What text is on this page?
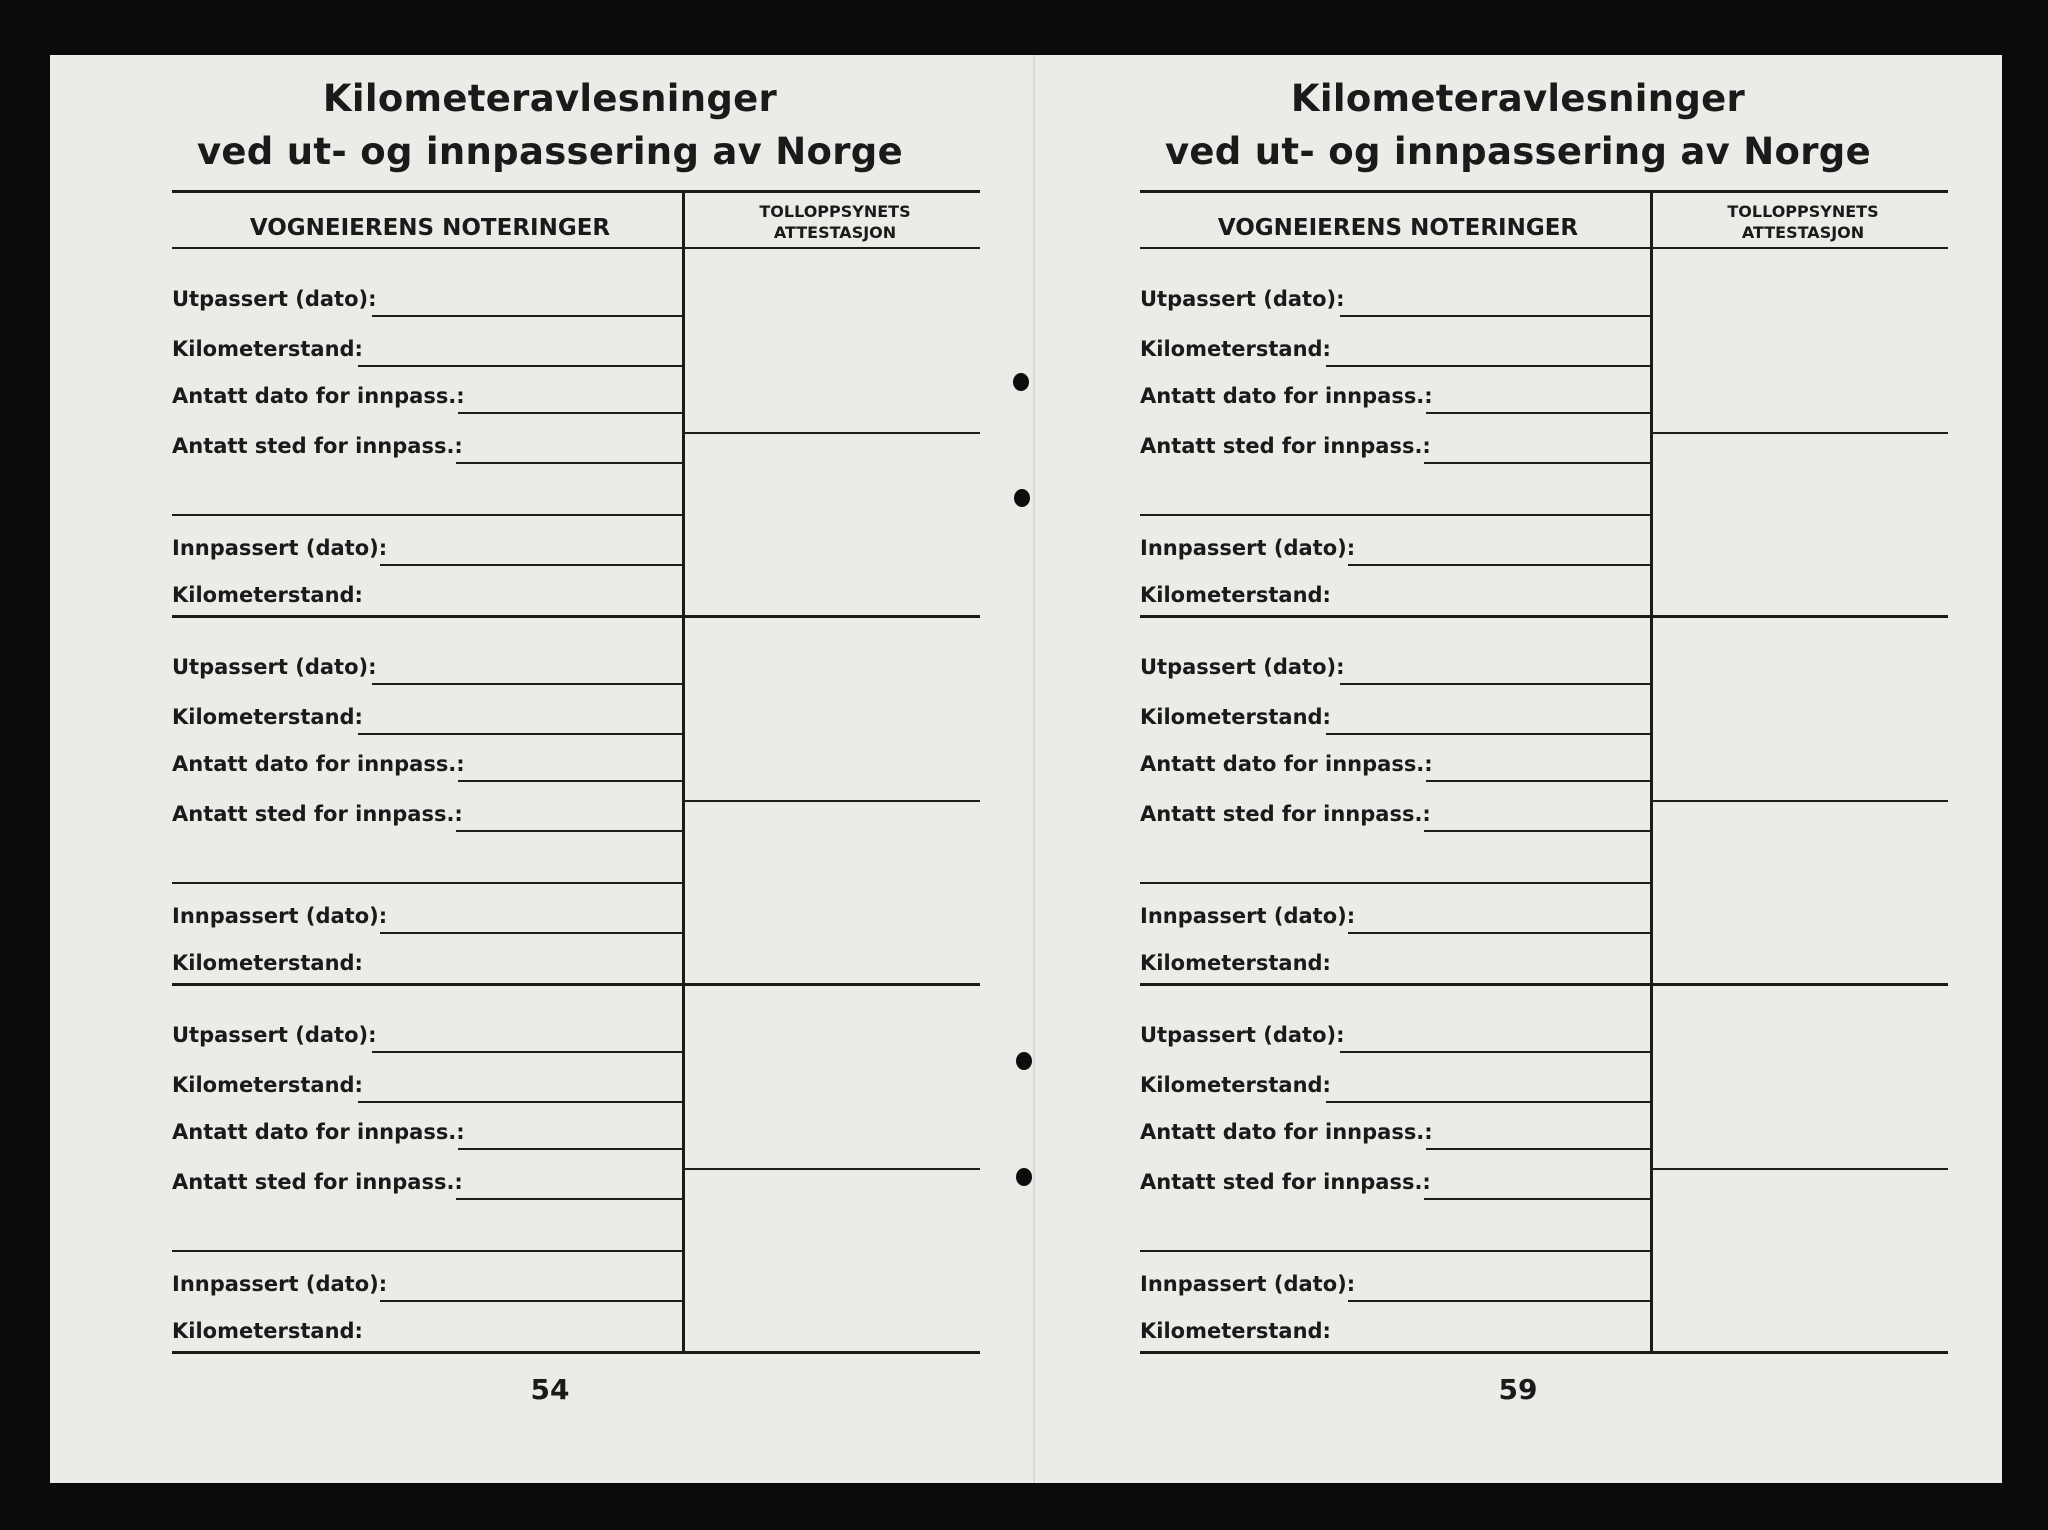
Kilometeravlesninger
ved ut- og innpassering av Norge
VOGNEIERENS NOTERINGER
TOLLOPPSYNETS
ATTESTASJON
Utpassert (dato):
Kilometerstand:
Antatt dato for innpass.:
Antatt sted for innpass.:
Innpassert (dato):
Kilometerstand:
Utpassert (dato):
Kilometerstand:
Antatt dato for innpass.:
Antatt sted for innpass.:
Innpassert (dato):
Kilometerstand:
Utpassert (dato):
Kilometerstand:
Antatt dato for innpass.:
Antatt sted for innpass.:
Innpassert (dato):
Kilometerstand:
54
Kilometeravlesninger
ved ut- og innpassering av Norge
VOGNEIERENS NOTERINGER
TOLLOPPSYNETS
ATTESTASJON
Utpassert (dato):
Kilometerstand:
Antatt dato for innpass.:
Antatt sted for innpass.:
Innpassert (dato):
Kilometerstand:
Utpassert (dato):
Kilometerstand:
Antatt dato for innpass.:
Antatt sted for innpass.:
Innpassert (dato):
Kilometerstand:
Utpassert (dato):
Kilometerstand:
Antatt dato for innpass.:
Antatt sted for innpass.:
Innpassert (dato):
Kilometerstand:
59
